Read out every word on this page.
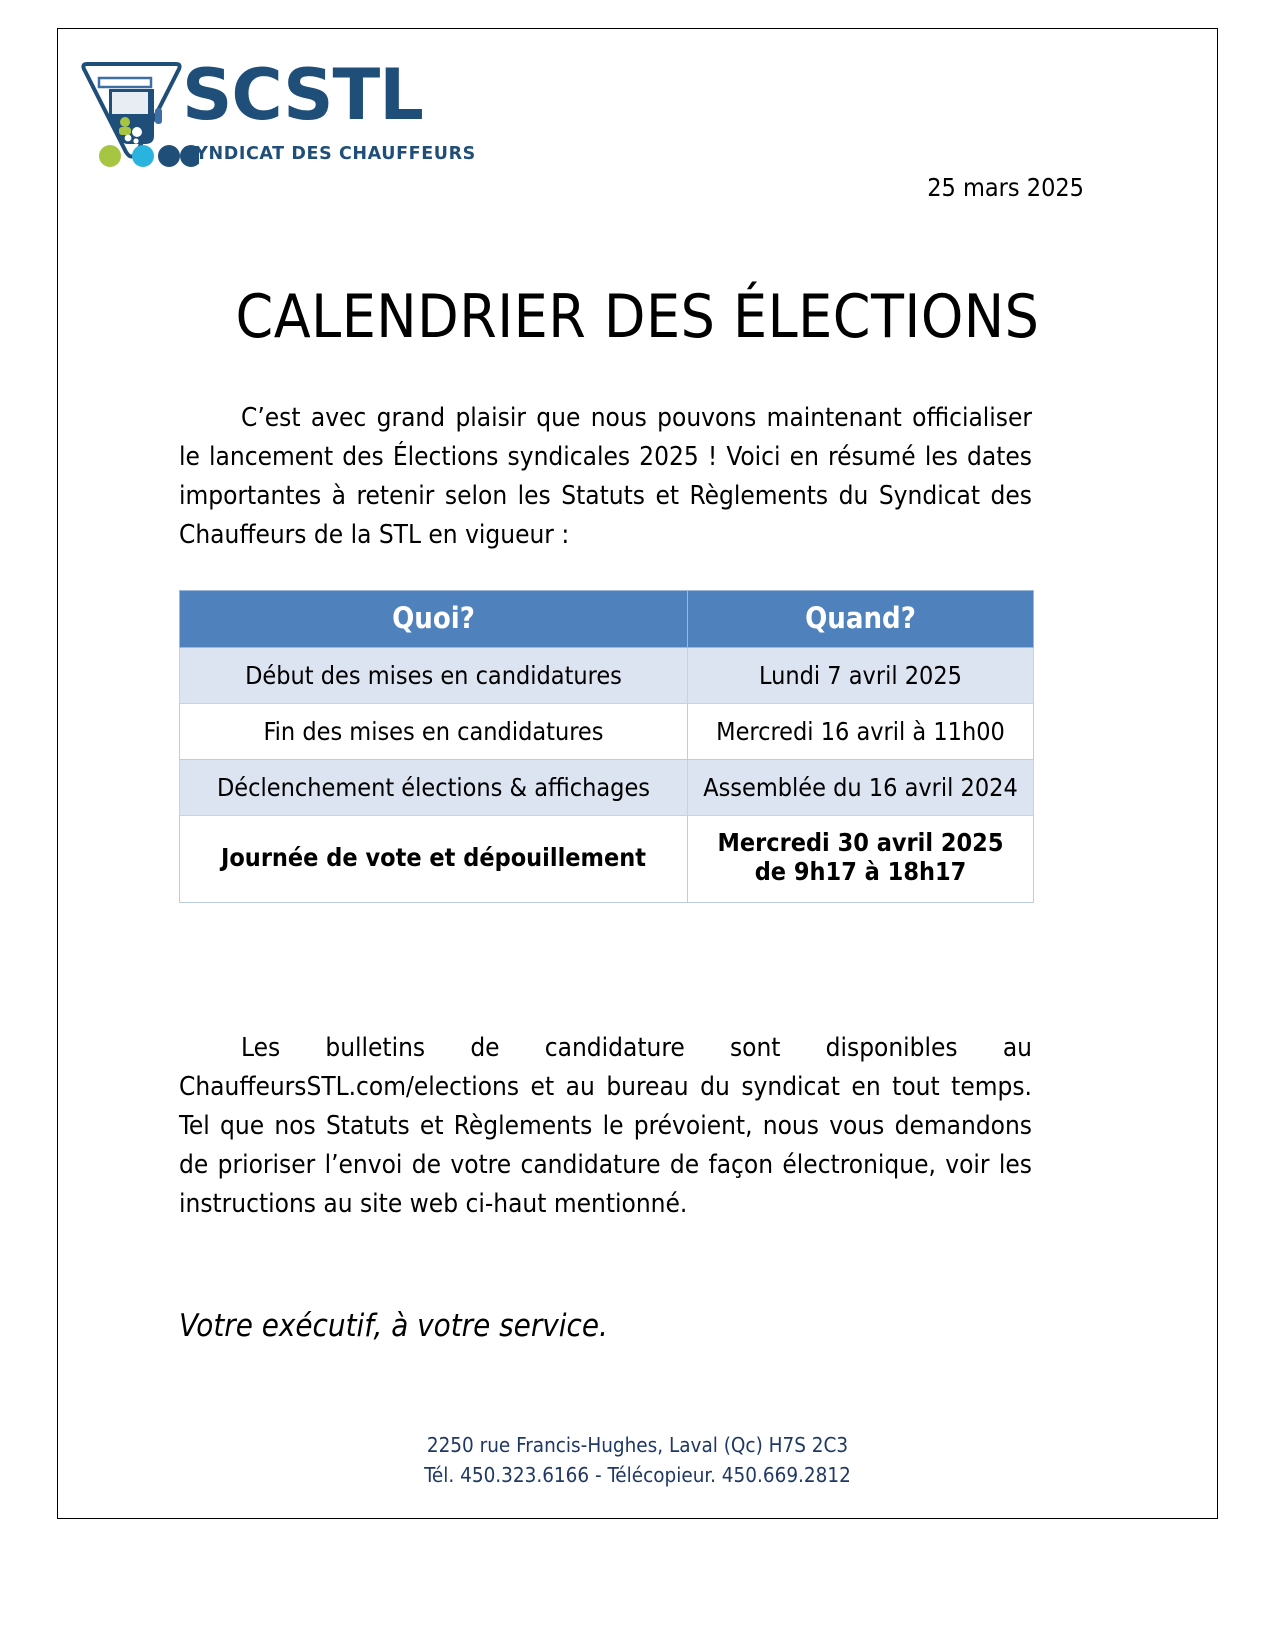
SCSTL
SYNDICAT DES CHAUFFEURS
25 mars 2025
CALENDRIER DES ÉLECTIONS

C’est avec grand plaisir que nous pouvons maintenant officialiser le lancement des Élections syndicales 2025 ! Voici en résumé les dates importantes à retenir selon les Statuts et Règlements du Syndicat des Chauffeurs de la STL en vigueur :

Quoi?	Quand?
Début des mises en candidatures	Lundi 7 avril 2025
Fin des mises en candidatures	Mercredi 16 avril à 11h00
Déclenchement élections & affichages	Assemblée du 16 avril 2024
Journée de vote et dépouillement	Mercredi 30 avril 2025
de 9h17 à 18h17

Les bulletins de candidature sont disponibles au ChauffeursSTL.com/elections et au bureau du syndicat en tout temps. Tel que nos Statuts et Règlements le prévoient, nous vous demandons de prioriser l’envoi de votre candidature de façon électronique, voir les instructions au site web ci-haut mentionné.

Votre exécutif, à votre service.
2250 rue Francis-Hughes, Laval (Qc) H7S 2C3
Tél. 450.323.6166 - Télécopieur. 450.669.2812
